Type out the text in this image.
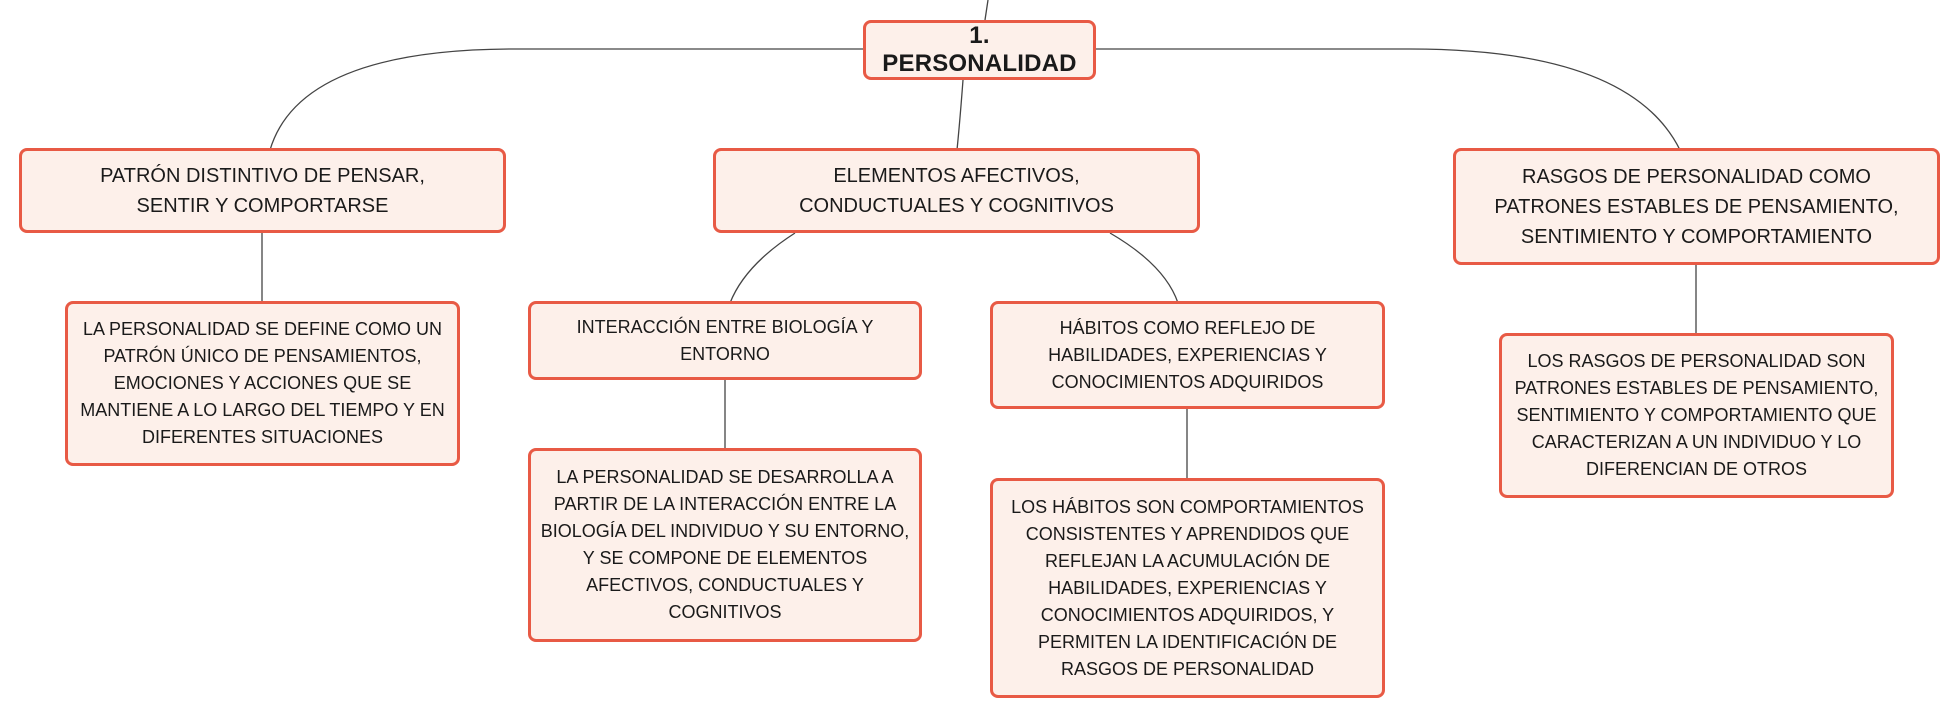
1. PERSONALIDAD
PATRÓN DISTINTIVO DE PENSAR, SENTIR Y COMPORTARSE
LA PERSONALIDAD SE DEFINE COMO UN PATRÓN ÚNICO DE PENSAMIENTOS, EMOCIONES Y ACCIONES QUE SE MANTIENE A LO LARGO DEL TIEMPO Y EN DIFERENTES SITUACIONES
ELEMENTOS AFECTIVOS, CONDUCTUALES Y COGNITIVOS
INTERACCIÓN ENTRE BIOLOGÍA Y ENTORNO
LA PERSONALIDAD SE DESARROLLA A PARTIR DE LA INTERACCIÓN ENTRE LA BIOLOGÍA DEL INDIVIDUO Y SU ENTORNO, Y SE COMPONE DE ELEMENTOS AFECTIVOS, CONDUCTUALES Y COGNITIVOS
HÁBITOS COMO REFLEJO DE HABILIDADES, EXPERIENCIAS Y CONOCIMIENTOS ADQUIRIDOS
LOS HÁBITOS SON COMPORTAMIENTOS CONSISTENTES Y APRENDIDOS QUE REFLEJAN LA ACUMULACIÓN DE HABILIDADES, EXPERIENCIAS Y CONOCIMIENTOS ADQUIRIDOS, Y PERMITEN LA IDENTIFICACIÓN DE RASGOS DE PERSONALIDAD
RASGOS DE PERSONALIDAD COMO PATRONES ESTABLES DE PENSAMIENTO, SENTIMIENTO Y COMPORTAMIENTO
LOS RASGOS DE PERSONALIDAD SON PATRONES ESTABLES DE PENSAMIENTO, SENTIMIENTO Y COMPORTAMIENTO QUE CARACTERIZAN A UN INDIVIDUO Y LO DIFERENCIAN DE OTROS
